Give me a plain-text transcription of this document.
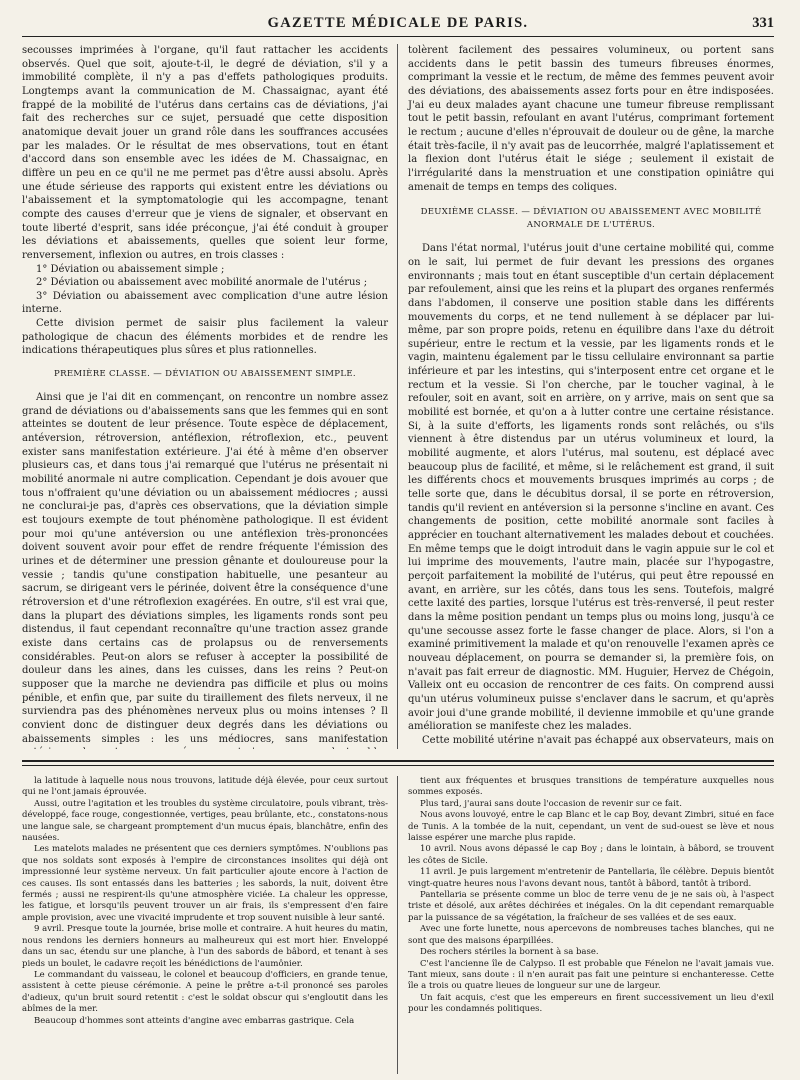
GAZETTE MÉDICALE DE PARIS.	331

secousses imprimées à l'organe, qu'il faut rattacher les accidents observés. Quel que soit, ajoute-t-il, le degré de déviation, s'il y a immobilité complète, il n'y a pas d'effets pathologiques produits. Longtemps avant la communication de M. Chassaignac, ayant été frappé de la mobilité de l'utérus dans certains cas de déviations, j'ai fait des recherches sur ce sujet, persuadé que cette disposition anatomique devait jouer un grand rôle dans les souffrances accusées par les malades. Or le résultat de mes observations, tout en étant d'accord dans son ensemble avec les idées de M. Chassaignac, en diffère un peu en ce qu'il ne me permet pas d'être aussi absolu. Après une étude sérieuse des rapports qui existent entre les déviations ou l'abaissement et la symptomatologie qui les accompagne, tenant compte des causes d'erreur que je viens de signaler, et observant en toute liberté d'esprit, sans idée préconçue, j'ai été conduit à grouper les déviations et abaissements, quelles que soient leur forme, renversement, inflexion ou autres, en trois classes :

1° Déviation ou abaissement simple ;

2° Déviation ou abaissement avec mobilité anormale de l'utérus ;

3° Déviation ou abaissement avec complication d'une autre lésion interne.

Cette division permet de saisir plus facilement la valeur pathologique de chacun des éléments morbides et de rendre les indications thérapeutiques plus sûres et plus rationnelles.

PREMIÈRE CLASSE. — DÉVIATION OU ABAISSEMENT SIMPLE.

Ainsi que je l'ai dit en commençant, on rencontre un nombre assez grand de déviations ou d'abaissements sans que les femmes qui en sont atteintes se doutent de leur présence. Toute espèce de déplacement, antéversion, rétroversion, antéflexion, rétroflexion, etc., peuvent exister sans manifestation extérieure. J'ai été à même d'en observer plusieurs cas, et dans tous j'ai remarqué que l'utérus ne présentait ni mobilité anormale ni autre complication. Cependant je dois avouer que tous n'offraient qu'une déviation ou un abaissement médiocres ; aussi ne conclurai-je pas, d'après ces observations, que la déviation simple est toujours exempte de tout phénomène pathologique. Il est évident pour moi qu'une antéversion ou une antéflexion très-prononcées doivent souvent avoir pour effet de rendre fréquente l'émission des urines et de déterminer une pression gênante et douloureuse pour la vessie ; tandis qu'une constipation habituelle, une pesanteur au sacrum, se dirigeant vers le périnée, doivent être la conséquence d'une rétroversion et d'une rétroflexion exagérées. En outre, s'il est vrai que, dans la plupart des déviations simples, les ligaments ronds sont peu distendus, il faut cependant reconnaître qu'une traction assez grande existe dans certains cas de prolapsus ou de renversements considérables. Peut-on alors se refuser à accepter la possibilité de douleur dans les aines, dans les cuisses, dans les reins ? Peut-on supposer que la marche ne deviendra pas difficile et plus ou moins pénible, et enfin que, par suite du tiraillement des filets nerveux, il ne surviendra pas des phénomènes nerveux plus ou moins intenses ? Il convient donc de distinguer deux degrés dans les déviations ou abaissements simples : les uns médiocres, sans manifestation

tolèrent facilement des pessaires volumineux, ou portent sans accidents dans le petit bassin des tumeurs fibreuses énormes, comprimant la vessie et le rectum, de même des femmes peuvent avoir des déviations, des abaissements assez forts pour en être indisposées. J'ai eu deux malades ayant chacune une tumeur fibreuse remplissant tout le petit bassin, refoulant en avant l'utérus, comprimant fortement le rectum ; aucune d'elles n'éprouvait de douleur ou de gêne, la marche était très-facile, il n'y avait pas de leucorrhée, malgré l'aplatissement et la flexion dont l'utérus était le siége ; seulement il existait de l'irrégularité dans la menstruation et une constipation opiniâtre qui amenait de temps en temps des coliques.

DEUXIÈME CLASSE. — DÉVIATION OU ABAISSEMENT AVEC MOBILITÉ
ANORMALE DE L'UTÉRUS.

Dans l'état normal, l'utérus jouit d'une certaine mobilité qui, comme on le sait, lui permet de fuir devant les pressions des organes environnants ; mais tout en étant susceptible d'un certain déplacement par refoulement, ainsi que les reins et la plupart des organes renfermés dans l'abdomen, il conserve une position stable dans les différents mouvements du corps, et ne tend nullement à se déplacer par lui-même, par son propre poids, retenu en équilibre dans l'axe du détroit supérieur, entre le rectum et la vessie, par les ligaments ronds et le vagin, maintenu également par le tissu cellulaire environnant sa partie inférieure et par les intestins, qui s'interposent entre cet organe et le rectum et la vessie. Si l'on cherche, par le toucher vaginal, à le refouler, soit en avant, soit en arrière, on y arrive, mais on sent que sa mobilité est bornée, et qu'on a à lutter contre une certaine résistance. Si, à la suite d'efforts, les ligaments ronds sont relâchés, ou s'ils viennent à être distendus par un utérus volumineux et lourd, la mobilité augmente, et alors l'utérus, mal soutenu, est déplacé avec beaucoup plus de facilité, et même, si le relâchement est grand, il suit les différents chocs et mouvements brusques imprimés au corps ; de telle sorte que, dans le décubitus dorsal, il se porte en rétroversion, tandis qu'il revient en antéversion si la personne s'incline en avant. Ces changements de position, cette mobilité anormale sont faciles à apprécier en touchant alternativement les malades debout et couchées. En même temps que le doigt introduit dans le vagin appuie sur le col et lui imprime des mouvements, l'autre main, placée sur l'hypogastre, perçoit parfaitement la mobilité de l'utérus, qui peut être repoussé en avant, en arrière, sur les côtés, dans tous les sens. Toutefois, malgré cette laxité des parties, lorsque l'utérus est très-renversé, il peut rester dans la même position pendant un temps plus ou moins long, jusqu'à ce qu'une secousse assez forte le fasse changer de place. Alors, si l'on a examiné primitivement la malade et qu'on renouvelle l'examen après ce nouveau déplacement, on pourra se demander si, la première fois, on n'avait pas fait erreur de diagnostic. MM. Huguier, Hervez de Chégoin, Valleix ont eu occasion de rencontrer de ces faits. On comprend aussi qu'un utérus volumineux puisse s'enclaver dans le sacrum, et qu'après avoir joui d'une grande mobilité, il devienne immobile et qu'une grande amélioration se manifeste chez les malades.

Cette mobilité utérine n'avait pas échappé aux observateurs, mais on

la latitude à laquelle nous nous trouvons, latitude déjà élevée, pour ceux surtout qui ne l'ont jamais éprouvée.

Aussi, outre l'agitation et les troubles du système circulatoire, pouls vibrant, très-développé, face rouge, congestionnée, vertiges, peau brûlante, etc., constatons-nous une langue sale, se chargeant promptement d'un mucus épais, blanchâtre, enfin des nausées.

Les matelots malades ne présentent que ces derniers symptômes. N'oublions pas que nos soldats sont exposés à l'empire de circonstances insolites qui déjà ont impressionné leur système nerveux. Un fait particulier ajoute encore à l'action de ces causes. Ils sont entassés dans les batteries ; les sabords, la nuit, doivent être fermés ; aussi ne respirent-ils qu'une atmosphère viciée. La chaleur les oppresse, les fatigue, et lorsqu'ils peuvent trouver un air frais, ils s'empressent d'en faire ample provision, avec une vivacité imprudente et trop souvent nuisible à leur santé.

9 avril. Presque toute la journée, brise molle et contraire. A huit heures du matin, nous rendons les derniers honneurs au malheureux qui est mort hier. Enveloppé dans un sac, étendu sur une planche, à l'un des sabords de bâbord, et tenant à ses pieds un boulet, le cadavre reçoit les bénédictions de l'aumônier.

Le commandant du vaisseau, le colonel et beaucoup d'officiers, en grande tenue, assistent à cette pieuse cérémonie. A peine le prêtre a-t-il prononcé ses paroles d'adieux, qu'un bruit sourd retentit : c'est le soldat obscur qui s'engloutit dans les abîmes de la mer.

Beaucoup d'hommes sont atteints d'angine avec embarras gastrique. Cela

tient aux fréquentes et brusques transitions de température auxquelles nous sommes exposés.

Plus tard, j'aurai sans doute l'occasion de revenir sur ce fait.

Nous avons louvoyé, entre le cap Blanc et le cap Boy, devant Zimbri, situé en face de Tunis. A la tombée de la nuit, cependant, un vent de sud-ouest se lève et nous laisse espérer une marche plus rapide.

10 avril. Nous avons dépassé le cap Boy ; dans le lointain, à bâbord, se trouvent les côtes de Sicile.

11 avril. Je puis largement m'entretenir de Pantellaria, île célèbre. Depuis bientôt vingt-quatre heures nous l'avons devant nous, tantôt à bâbord, tantôt à tribord.

Pantellaria se présente comme un bloc de terre venu de je ne sais où, à l'aspect triste et désolé, aux arêtes déchirées et inégales. On la dit cependant remarquable par la puissance de sa végétation, la fraîcheur de ses vallées et de ses eaux.

Avec une forte lunette, nous apercevons de nombreuses taches blanches, qui ne sont que des maisons éparpillées.

Des rochers stériles la bornent à sa base.

C'est l'ancienne île de Calypso. Il est probable que Fénelon ne l'avait jamais vue. Tant mieux, sans doute : il n'en aurait pas fait une peinture si enchanteresse. Cette île a trois ou quatre lieues de longueur sur une de largeur.

Un fait acquis, c'est que les empereurs en firent successivement un lieu d'exil pour les condamnés politiques.
